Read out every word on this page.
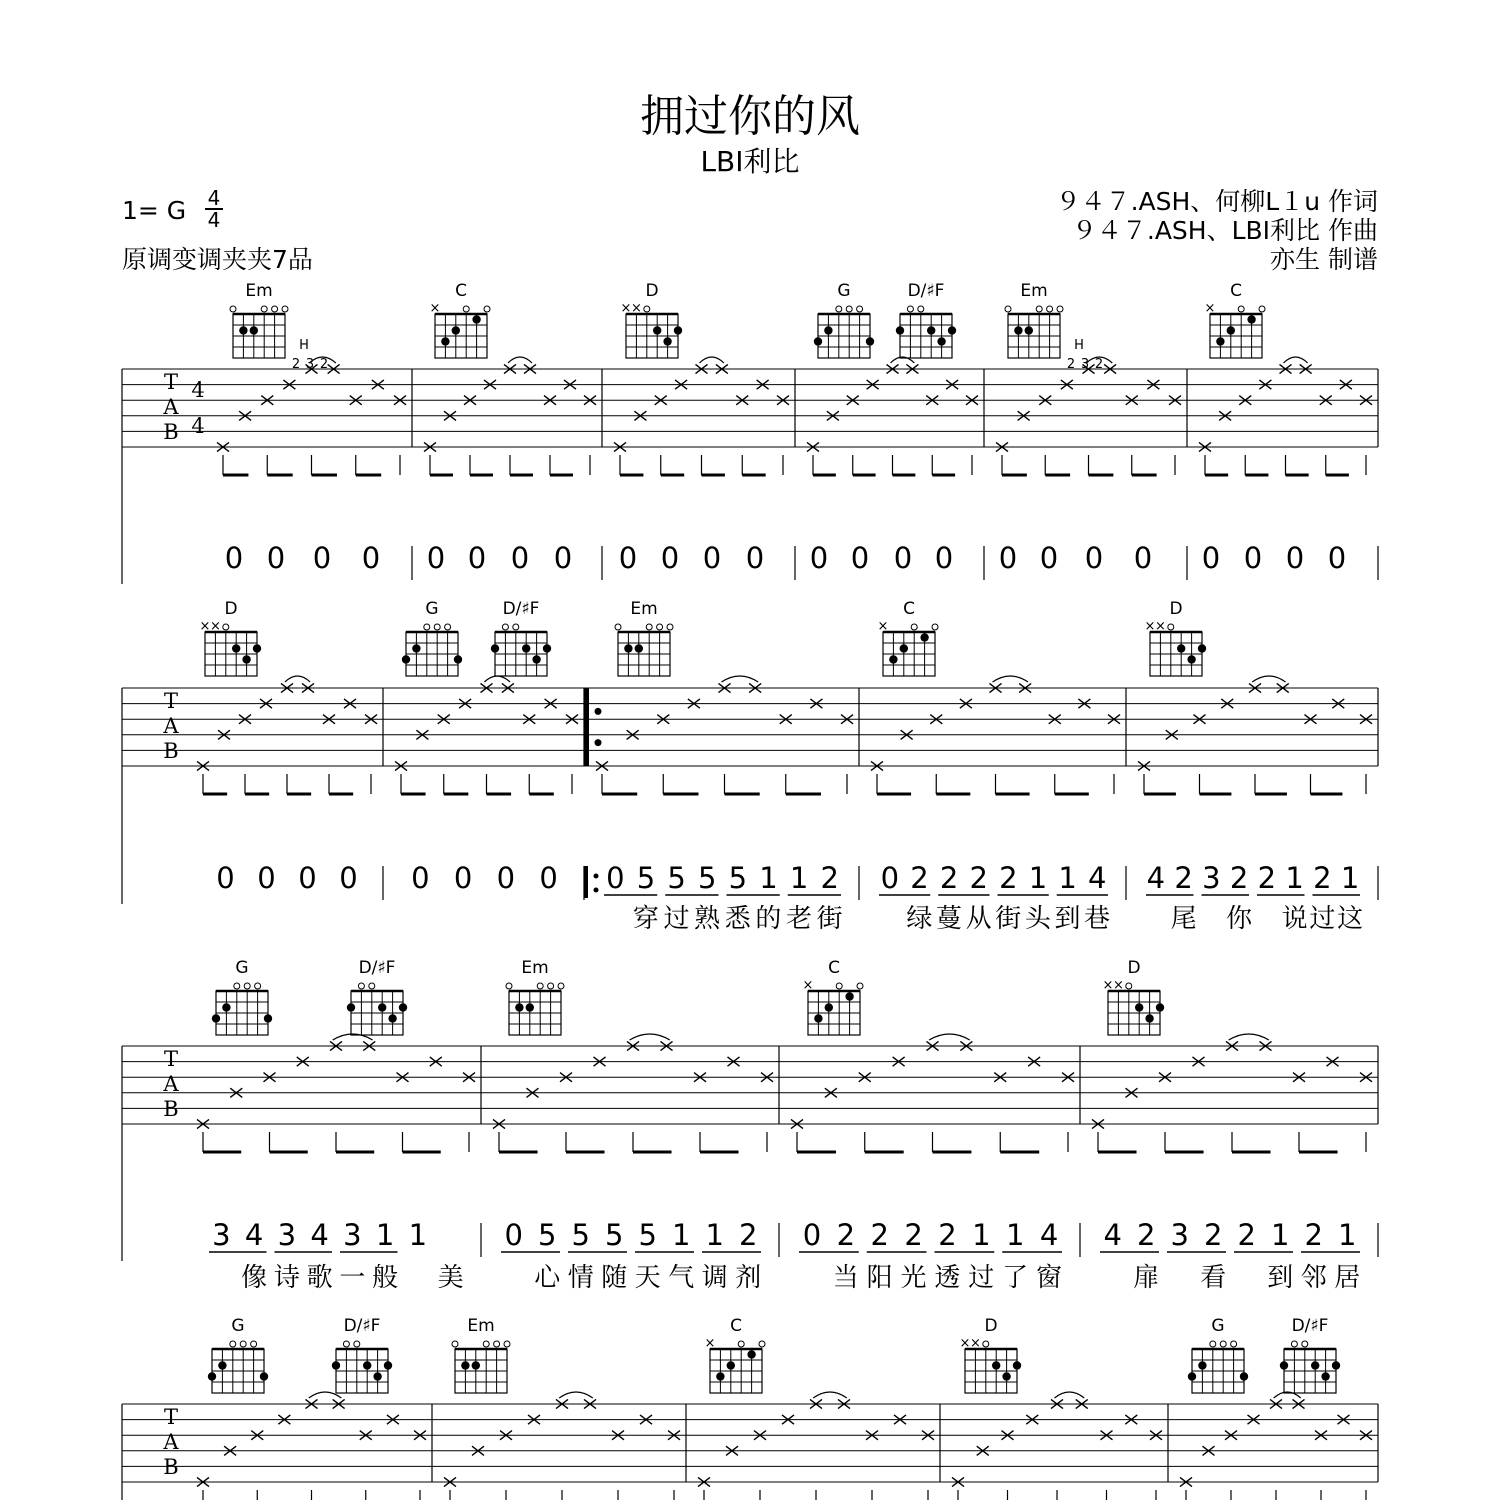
拥过你的风
LBI利比
1= G 4
4
原调变调夹夹7品
９４７.ASH、何柳L１u 作词
９４７.ASH、LBI利比 作曲
亦生 制谱
T
A
B
4
4
H
2 3 2
H
2 3 2
0 0 0 0 0 0 0 0 0 0 0 0 0 0 0 0 0 0 0 0 0 0 0 0
Em	C
×
D
× ×
G	D/♯F	Em	C
×
T
A
B
0 0 0 0 0 0 0 0 0 5 5 5 5 1 1 2
穿 过 熟 悉 的 老 街
0 2 2 2 2 1 1 4
绿 蔓 从 街 头 到 巷
4 2 3 2 2 1 2 1
尾 你 说 过 这
D
× ×
G	D/♯F	Em	C
×
D
× ×
T
A
B
3 4 3 4 3 1 1
像 诗 歌 一 般 美
0 5 5 5 5 1 1 2
心 情 随 天 气 调 剂
0 2 2 2 2 1 1 4
当 阳 光 透 过 了 窗
4 2 3 2 2 1 2 1
扉 看 到 邻 居
G	D/♯F	Em	C
×
D
× ×
T
A
B
G	D/♯F	Em	C
×
D
× ×
G	D/♯F
